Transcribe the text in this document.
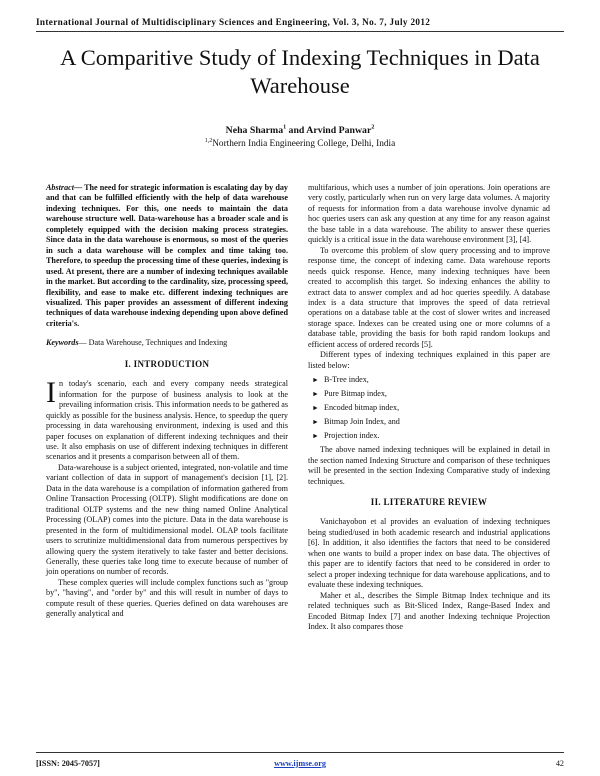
International Journal of Multidisciplinary Sciences and Engineering, Vol. 3, No. 7, July 2012
A Comparitive Study of Indexing Techniques in Data Warehouse
Neha Sharma$^1$ and Arvind Panwar$^2$
$^{1,2}$Northern India Engineering College, Delhi, India

Abstract— The need for strategic information is escalating day by day and that can be fulfilled efficiently with the help of data warehouse indexing techniques. For this, one needs to maintain the data warehouse structure well. Data-warehouse has a broader scale and is completely equipped with the decision making process strategies. Since data in the data warehouse is enormous, so most of the queries in such a data warehouse will be complex and time taking too. Therefore, to speedup the processing time of these queries, indexing is used. At present, there are a number of indexing techniques available in the market. But according to the cardinality, size, processing speed, flexibility, and ease to make etc. different indexing techniques are visualized. This paper provides an assessment of different indexing techniques of data warehouse indexing depending upon above defined criteria's.

Keywords— Data Warehouse, Techniques and Indexing

I. INTRODUCTION

In today's scenario, each and every company needs strategical information for the purpose of business analysis to look at the prevailing information crisis. This information needs to be gathered as quickly as possible for the business analysis. Hence, to speedup the query processing in data warehousing environment, indexing is used and this paper focuses on explanation of different indexing techniques and their use. It also emphasis on use of different indexing techniques in different scenarios and it presents a comparison between all of them.

Data-warehouse is a subject oriented, integrated, non-volatile and time variant collection of data in support of management's decision [1], [2]. Data in the data warehouse is a compilation of information gathered from Online Transaction Processing (OLTP). Slight modifications are done on traditional OLTP systems and the new thing named Online Analytical Processing (OLAP) comes into the picture. Data in the data warehouse is presented in the form of multidimensional model. OLAP tools facilitate users to scrutinize multidimensional data from numerous perspectives by allowing query the system iteratively to take faster and better decisions. Generally, these queries take long time to execute because of number of join operations on number of records.

These complex queries will include complex functions such as "group by", "having", and "order by" and this will result in number of days to compute result of these queries. Queries defined on data warehouses are generally analytical and

multifarious, which uses a number of join operations. Join operations are very costly, particularly when run on very large data volumes. A majority of requests for information from a data warehouse involve dynamic ad hoc queries users can ask any question at any time for any reason against the base table in a data warehouse. The ability to answer these queries quickly is a critical issue in the data warehouse environment [3], [4].

To overcome this problem of slow query processing and to improve response time, the concept of indexing came. Data warehouse reports needs quick response. Hence, many indexing techniques have been created to accomplish this target. So indexing enhances the ability to extract data to answer complex and ad hoc queries speedily. A database index is a data structure that improves the speed of data retrieval operations on a database table at the cost of slower writes and increased storage space. Indexes can be created using one or more columns of a database table, providing the basis for both rapid random lookups and efficient access of ordered records [5].

Different types of indexing techniques explained in this paper are listed below:

► B-Tree index,
► Pure Bitmap index,
► Encoded bitmap index,
► Bitmap Join Index, and
► Projection index.

The above named indexing techniques will be explained in detail in the section named Indexing Structure and comparison of these techniques will be presented in the section Indexing Comparative study of indexing techniques.

II. LITERATURE REVIEW

Vanichayobon et al provides an evaluation of indexing techniques being studied/used in both academic research and industrial applications [6]. In addition, it also identifies the factors that need to be considered when one wants to build a proper index on base data. The objectives of this paper are to identify factors that need to be considered in order to select a proper indexing technique for data warehouse applications, and to evaluate these indexing techniques.

Maher et al., describes the Simple Bitmap Index technique and its related techniques such as Bit-Sliced Index, Range-Based Index and Encoded Bitmap Index [7] and another Indexing technique Projection Index. It also compares those

[ISSN: 2045-7057]	www.ijmse.org	42
